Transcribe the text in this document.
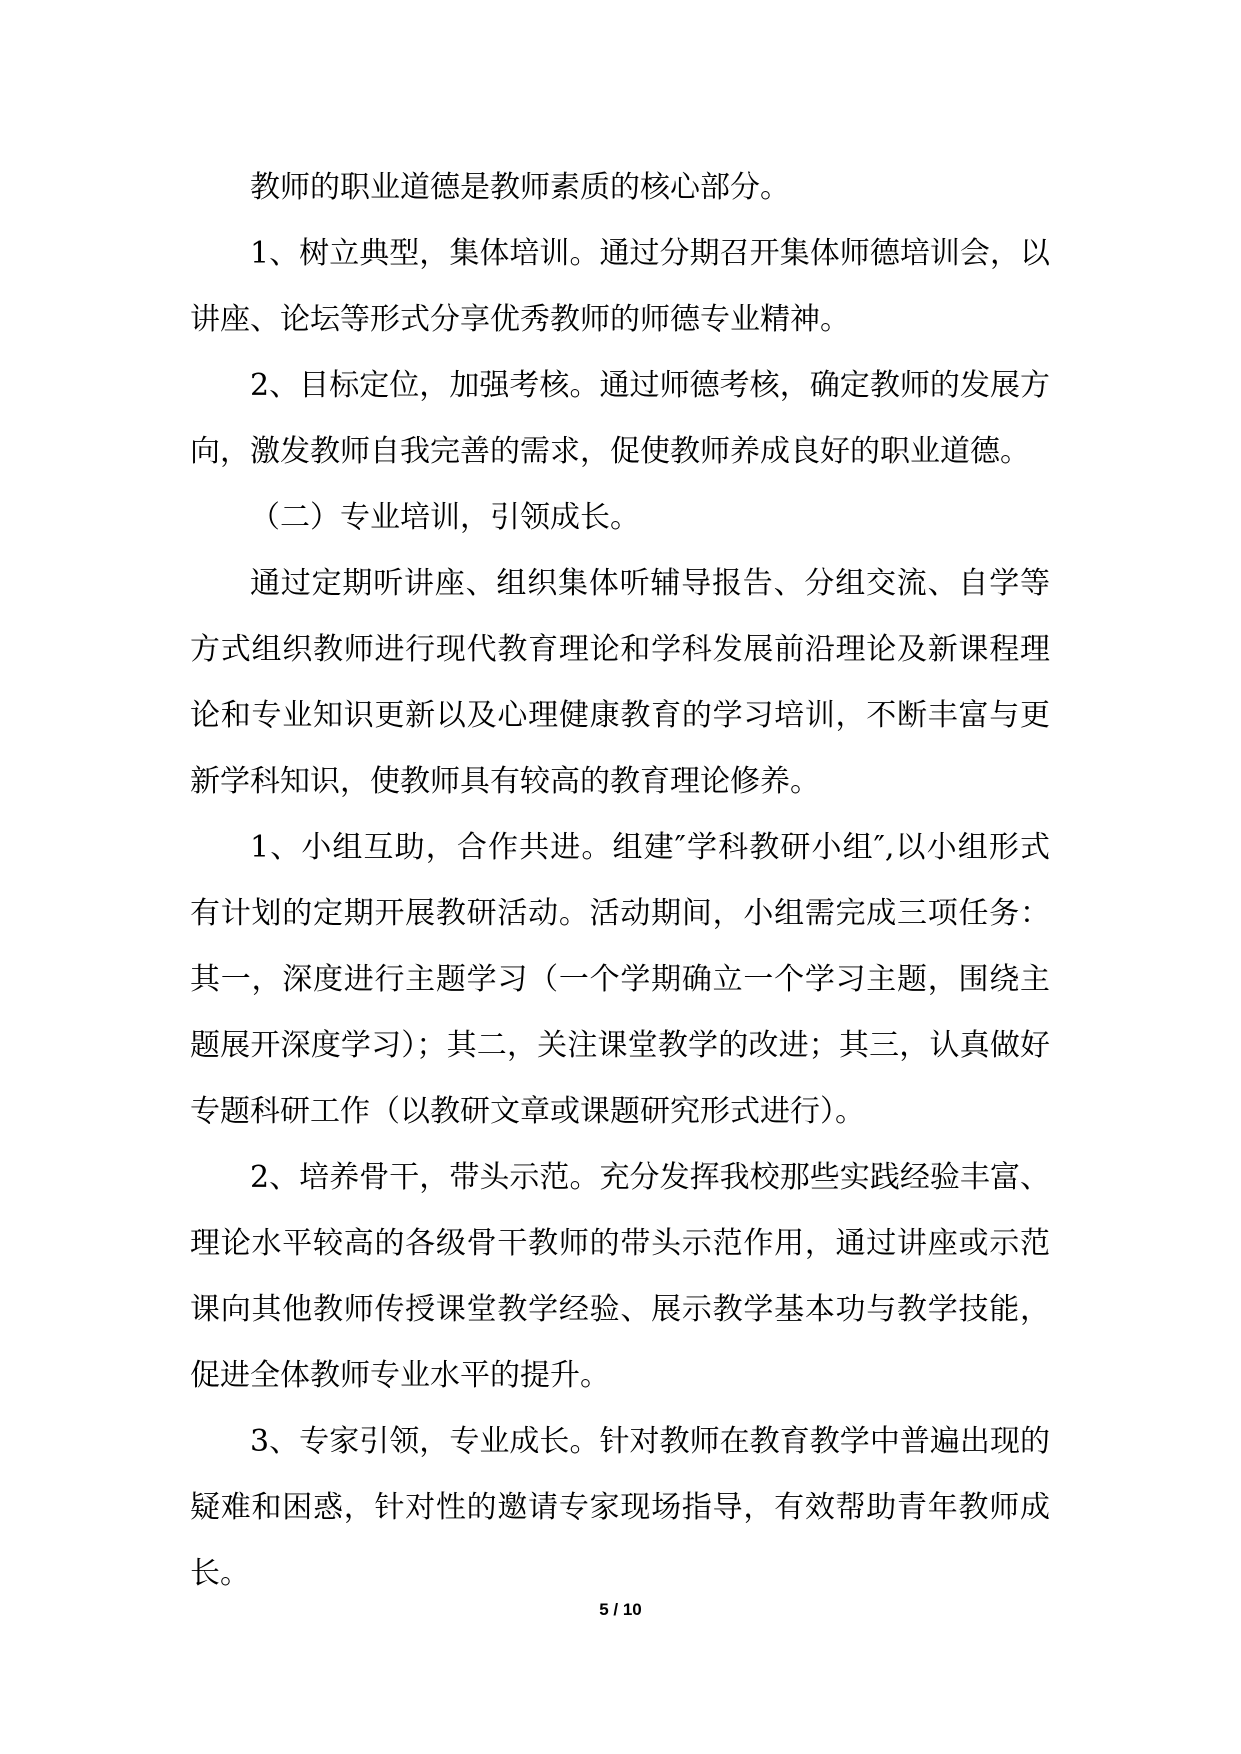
教师的职业道德是教师素质的核心部分。

1、树立典型，集体培训。通过分期召开集体师德培训会，以讲座、论坛等形式分享优秀教师的师德专业精神。

2、目标定位，加强考核。通过师德考核，确定教师的发展方向，激发教师自我完善的需求，促使教师养成良好的职业道德。

（二）专业培训，引领成长。

通过定期听讲座、组织集体听辅导报告、分组交流、自学等方式组织教师进行现代教育理论和学科发展前沿理论及新课程理论和专业知识更新以及心理健康教育的学习培训，不断丰富与更新学科知识，使教师具有较高的教育理论修养。

1、小组互助，合作共进。组建″学科教研小组″,以小组形式有计划的定期开展教研活动。活动期间，小组需完成三项任务：其一，深度进行主题学习（一个学期确立一个学习主题，围绕主题展开深度学习）；其二，关注课堂教学的改进；其三，认真做好专题科研工作（以教研文章或课题研究形式进行）。

2、培养骨干，带头示范。充分发挥我校那些实践经验丰富、理论水平较高的各级骨干教师的带头示范作用，通过讲座或示范课向其他教师传授课堂教学经验、展示教学基本功与教学技能，促进全体教师专业水平的提升。

3、专家引领，专业成长。针对教师在教育教学中普遍出现的疑难和困惑，针对性的邀请专家现场指导，有效帮助青年教师成长。

5 / 10
